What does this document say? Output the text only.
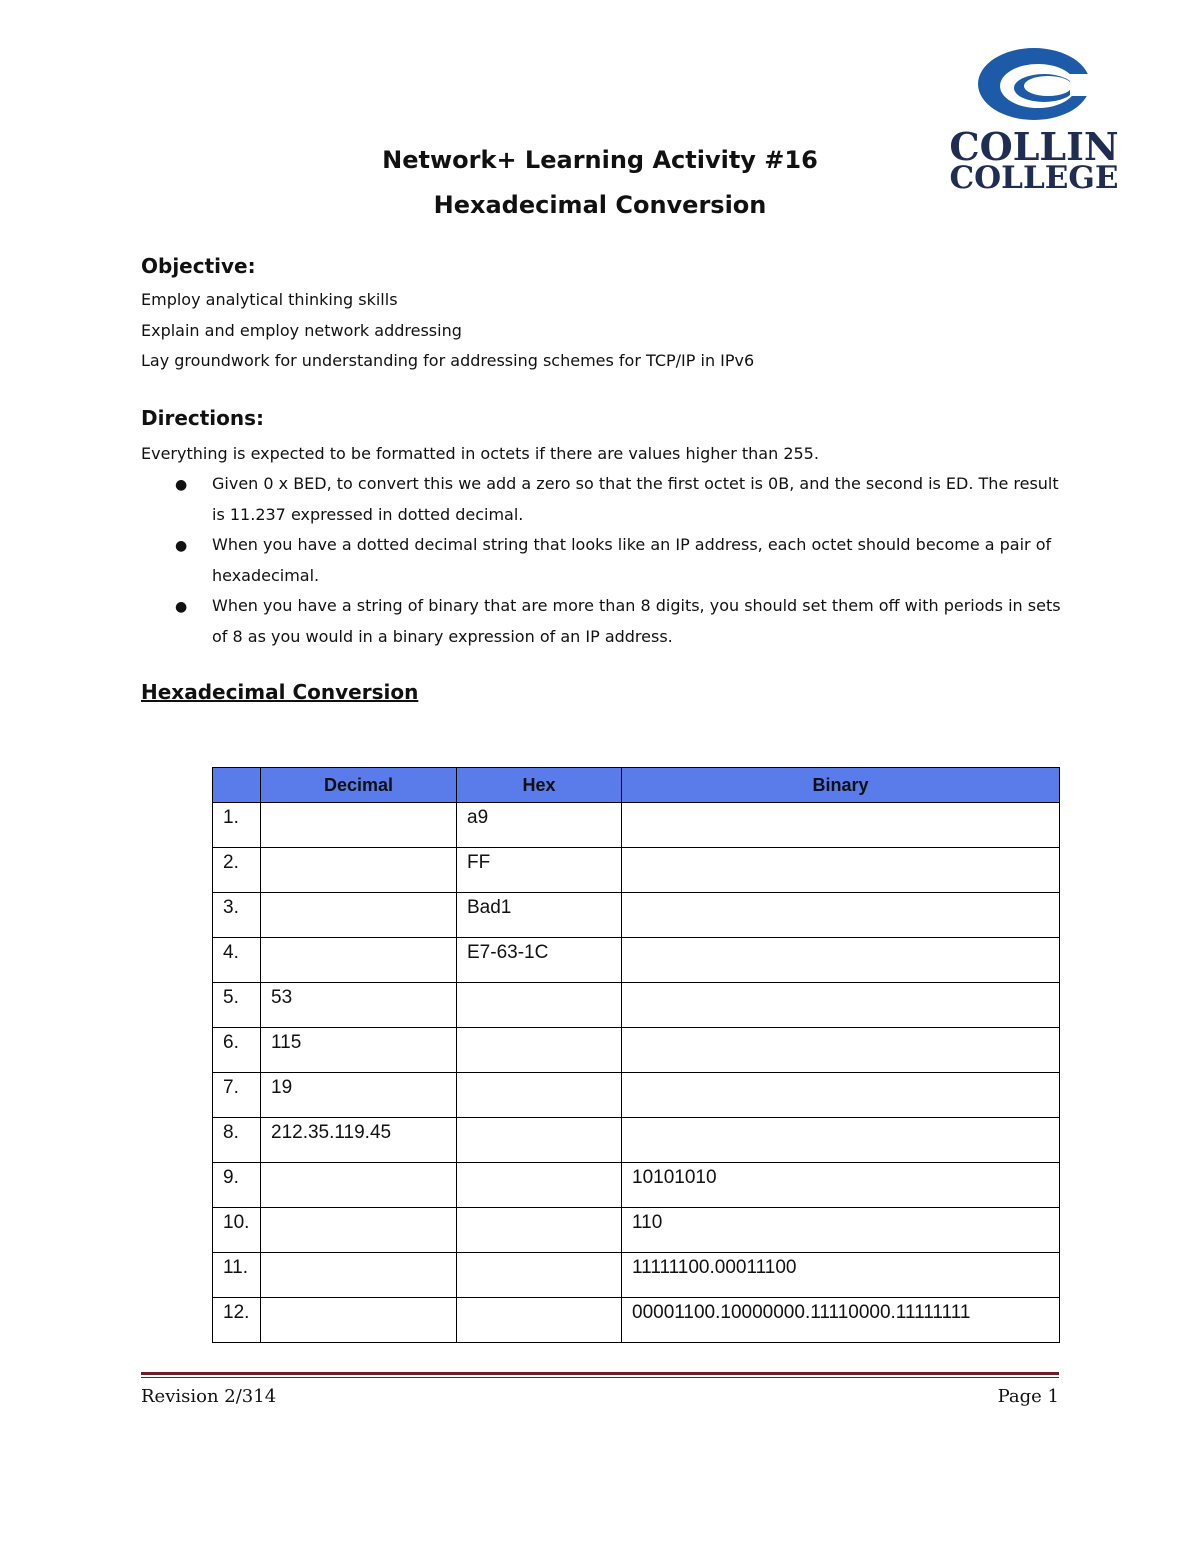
COLLIN
COLLEGE
Network+ Learning Activity #16
Hexadecimal Conversion
Objective:
Employ analytical thinking skills
Explain and employ network addressing
Lay groundwork for understanding for addressing schemes for TCP/IP in IPv6
Directions:
Everything is expected to be formatted in octets if there are values higher than 255.
● Given 0 x BED, to convert this we add a zero so that the first octet is 0B, and the second is ED. The result is 11.237 expressed in dotted decimal.
● When you have a dotted decimal string that looks like an IP address, each octet should become a pair of hexadecimal.
● When you have a string of binary that are more than 8 digits, you should set them off with periods in sets of 8 as you would in a binary expression of an IP address.
Hexadecimal Conversion
	Decimal	Hex	Binary
1.		a9	
2.		FF	
3.		Bad1	
4.		E7-63-1C	
5.	53		
6.	115		
7.	19		
8.	212.35.119.45		
9.			10101010
10.			110
11.			11111100.00011100
12.			00001100.10000000.11110000.11111111
Revision 2/314	Page 1
